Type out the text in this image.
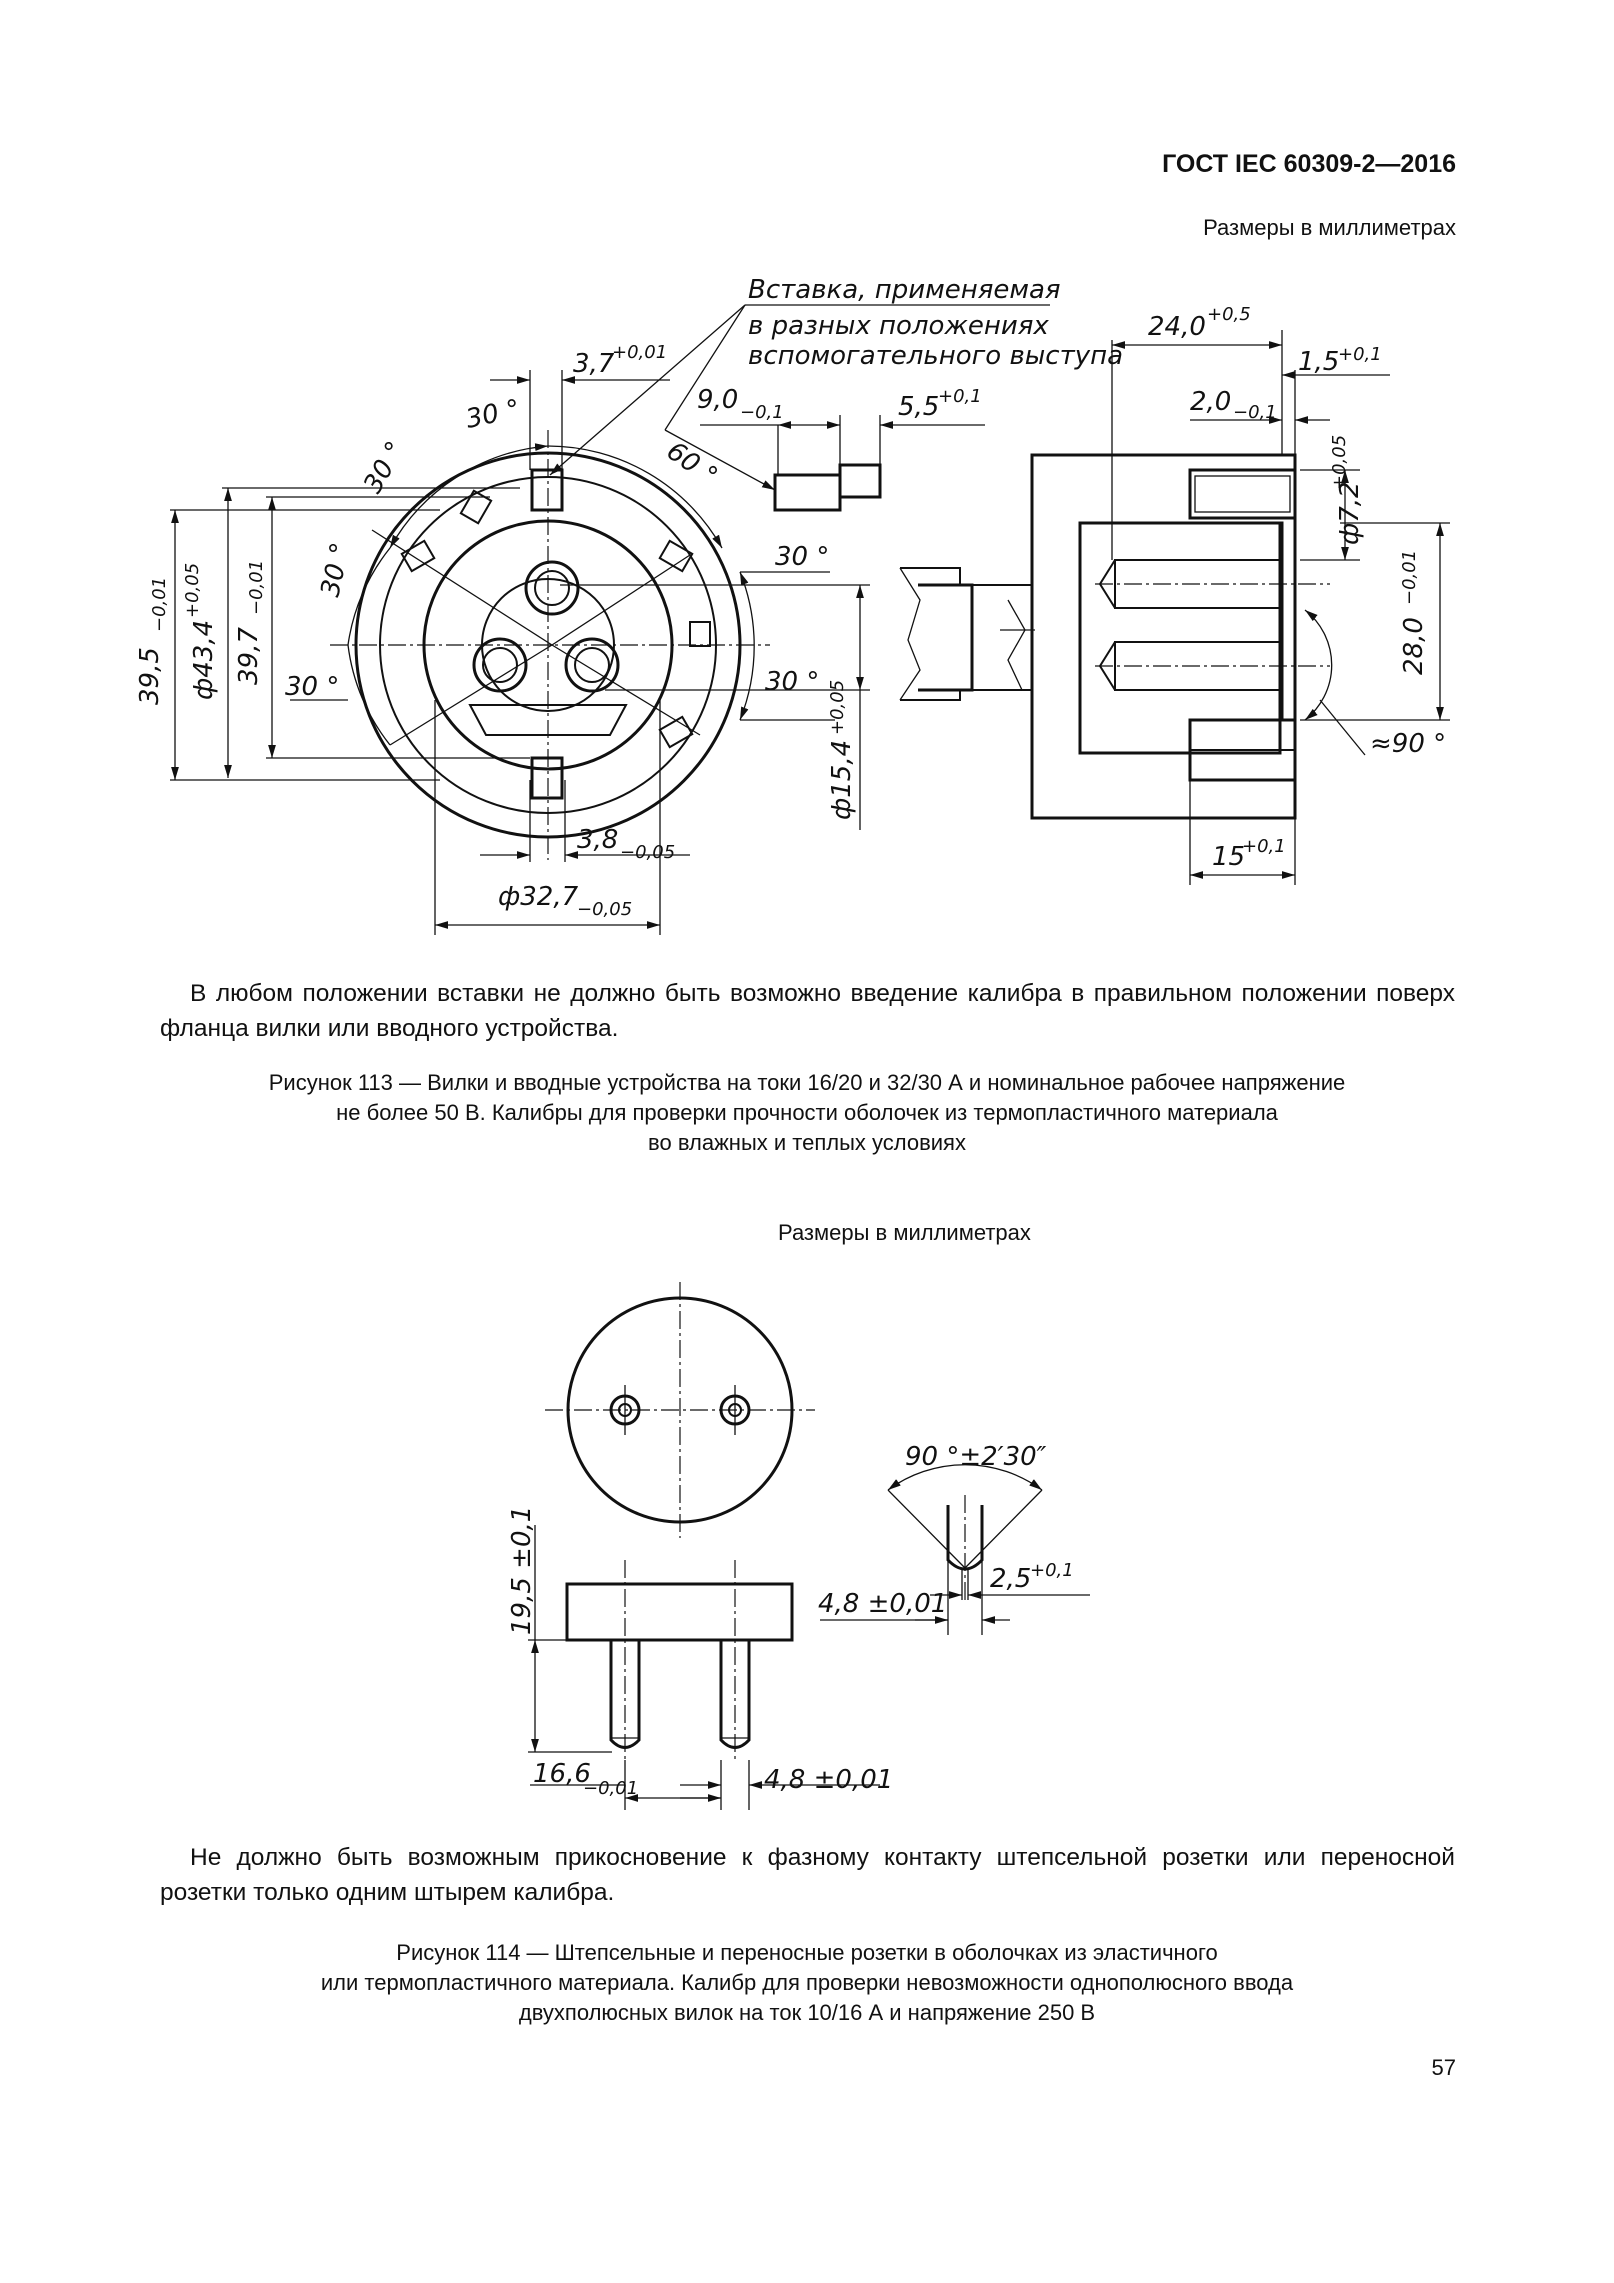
ГОСТ IEC 60309-2—2016
Размеры в миллиметрах
Вставка, применяемая
в разных положениях
вспомогательного выступа
3,7
+0,01
9,0 −0,1	5,5
+0,1
30 °
30 °
30 °
30 °
30 °
30 °
60 °
39,5
−0,01
ф43,4
+0,05
39,7
−0,01
ф15,4
+0,05
3,8 −0,05
ф32,7
−0,05
24,0 +0,5
1,5
+0,1
2,0 −0,1
ф7,2
+0,05
28,0
−0,01
≈90 °
15
+0,1
90 °±2′30″
19,5 ±0,1	4,8 ±0,01
2,5
+0,1
16,6
−0,01	4,8 ±0,01
В любом положении вставки не должно быть возможно введение калибра в правильном положении поверх фланца вилки или вводного устройства.
Рисунок 113 — Вилки и вводные устройства на токи 16/20 и 32/30 А и номинальное рабочее напряжение
не более 50 В. Калибры для проверки прочности оболочек из термопластичного материала
во влажных и теплых условиях
Размеры в миллиметрах
Не должно быть возможным прикосновение к фазному контакту штепсельной розетки или переносной розетки только одним штырем калибра.
Рисунок 114 — Штепсельные и переносные розетки в оболочках из эластичного
или термопластичного материала. Калибр для проверки невозможности однополюсного ввода
двухполюсных вилок на ток 10/16 А и напряжение 250 В
57
